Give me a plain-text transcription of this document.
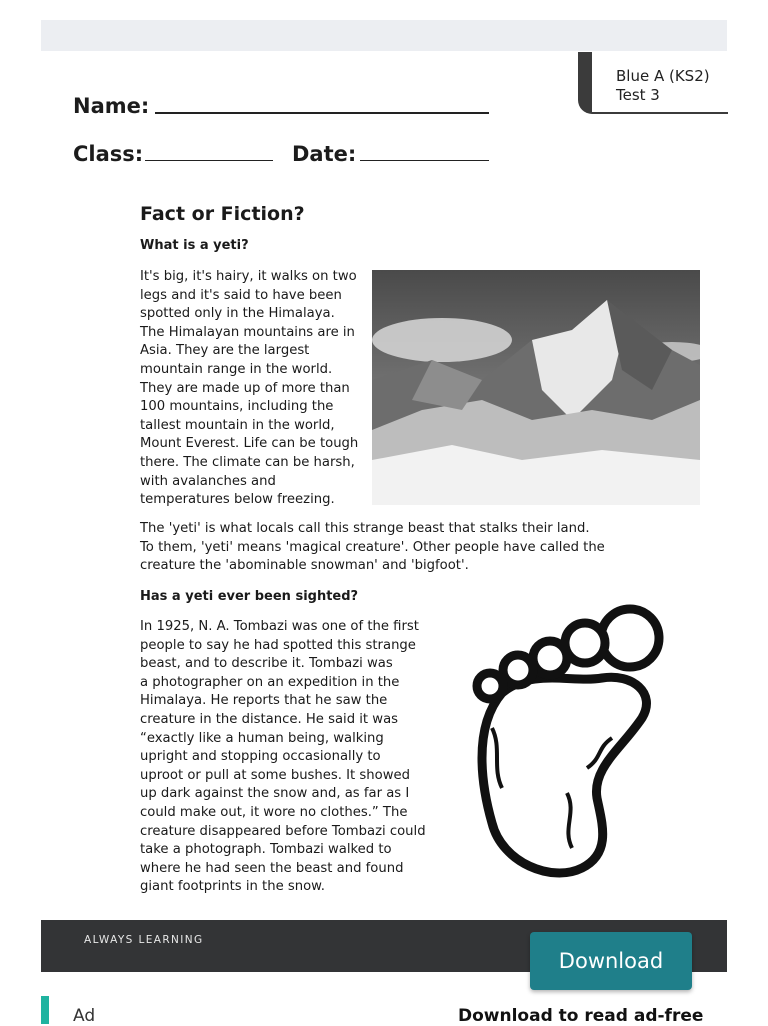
Blue A (KS2)
Test 3
Name:
Class:	Date:
Fact or Fiction?
What is a yeti?
It's big, it's hairy, it walks on two
legs and it's said to have been
spotted only in the Himalaya.
The Himalayan mountains are in
Asia. They are the largest
mountain range in the world.
They are made up of more than
100 mountains, including the
tallest mountain in the world,
Mount Everest. Life can be tough
there. The climate can be harsh,
with avalanches and
temperatures below freezing.
The 'yeti' is what locals call this strange beast that stalks their land.
To them, 'yeti' means 'magical creature'. Other people have called the
creature the 'abominable snowman' and 'bigfoot'.
Has a yeti ever been sighted?
In 1925, N. A. Tombazi was one of the first
people to say he had spotted this strange
beast, and to describe it. Tombazi was
a photographer on an expedition in the
Himalaya. He reports that he saw the
creature in the distance. He said it was
“exactly like a human being, walking
upright and stopping occasionally to
uproot or pull at some bushes. It showed
up dark against the snow and, as far as I
could make out, it wore no clothes.” The
creature disappeared before Tombazi could
take a photograph. Tombazi walked to
where he had seen the beast and found
giant footprints in the snow.
ALWAYS LEARNING
Download
Ad	Download to read ad-free
